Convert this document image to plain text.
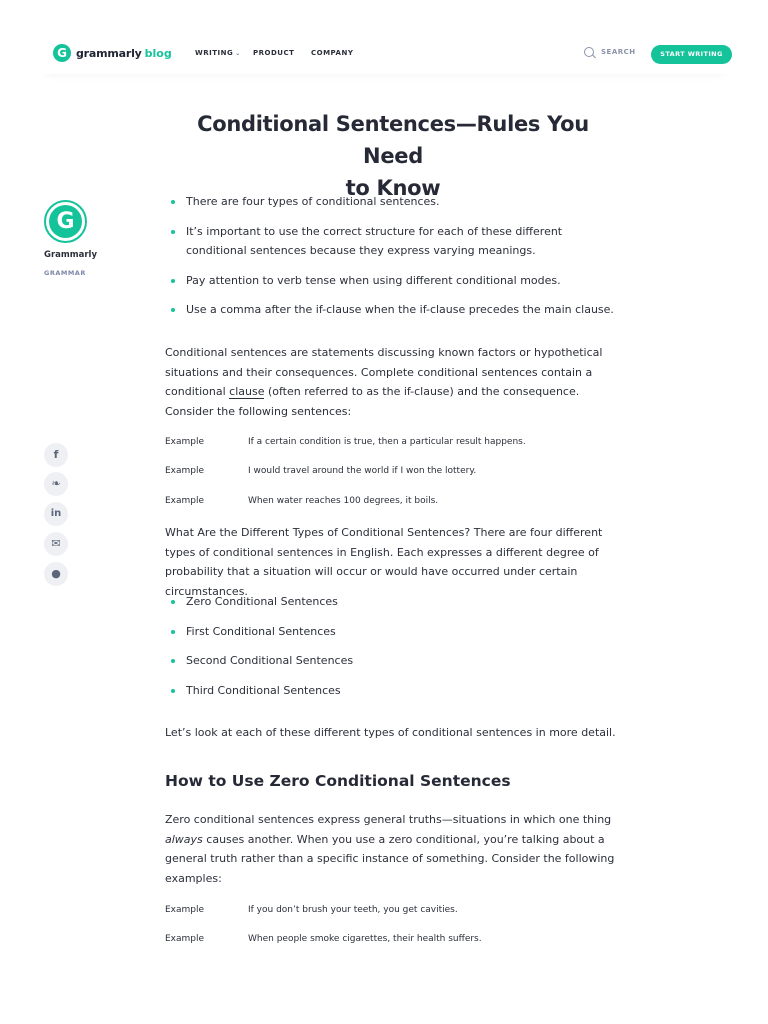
G grammarly blog	WRITING ⌄ PRODUCT COMPANY	SEARCH	START WRITING
Conditional Sentences—Rules You Need
to Know
G
Grammarly
GRAMMAR
f
❧
in
✉
●
There are four types of conditional sentences.
It’s important to use the correct structure for each of these different conditional sentences because they express varying meanings.
Pay attention to verb tense when using different conditional modes.
Use a comma after the if-clause when the if-clause precedes the main clause.
Conditional sentences are statements discussing known factors or hypothetical situations and their consequences. Complete conditional sentences contain a conditional clause (often referred to as the if-clause) and the consequence. Consider the following sentences:
Example	If a certain condition is true, then a particular result happens.
Example	I would travel around the world if I won the lottery.
Example	When water reaches 100 degrees, it boils.
What Are the Different Types of Conditional Sentences? There are four different types of conditional sentences in English. Each expresses a different degree of probability that a situation will occur or would have occurred under certain circumstances.
Zero Conditional Sentences
First Conditional Sentences
Second Conditional Sentences
Third Conditional Sentences
Let’s look at each of these different types of conditional sentences in more detail.
How to Use Zero Conditional Sentences
Zero conditional sentences express general truths—situations in which one thing always causes another. When you use a zero conditional, you’re talking about a general truth rather than a specific instance of something. Consider the following examples:
Example	If you don’t brush your teeth, you get cavities.
Example	When people smoke cigarettes, their health suffers.
